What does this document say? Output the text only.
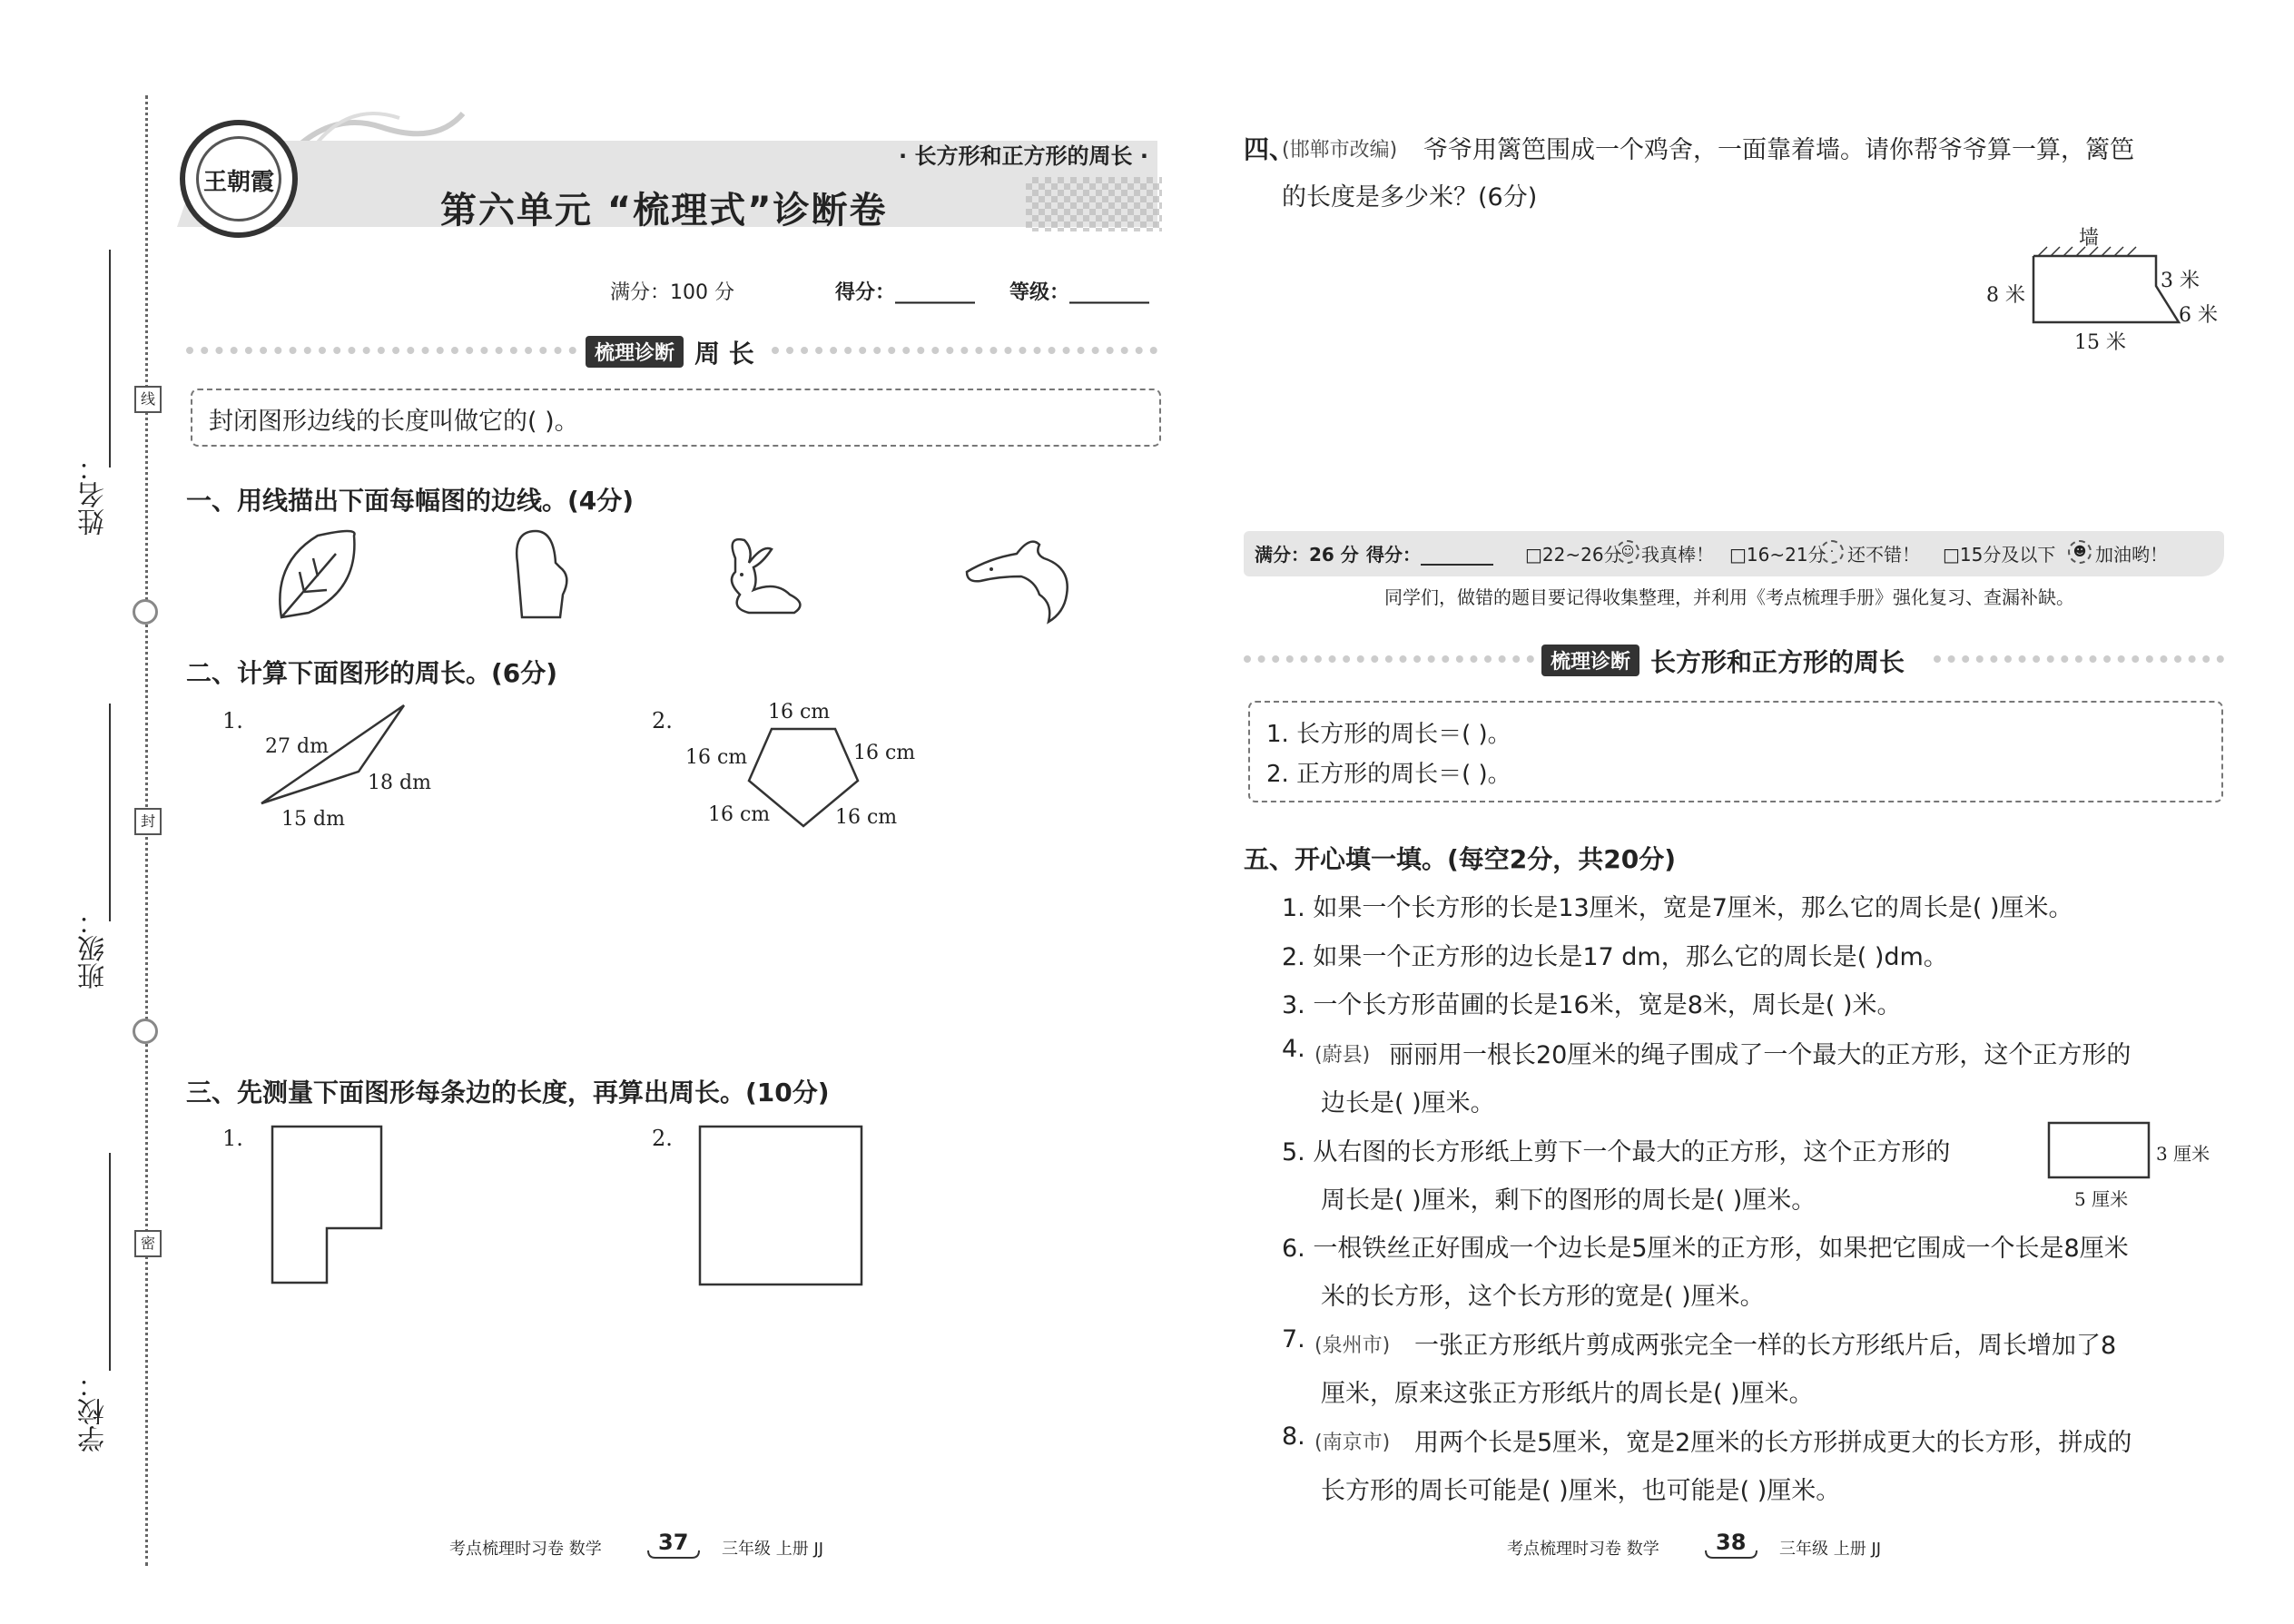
姓名：
班级：
学校：
线
封
密
王朝霞
· 长方形和正方形的周长 ·
第六单元 “梳理式”诊断卷
满分：100 分	得分：________ 等级：________
梳理诊断 周 长
封闭图形边线的长度叫做它的( )。
一、用线描出下面每幅图的边线。(4分)
二、计算下面图形的周长。(6分)
1.
27 dm
18 dm
15 dm
2.	16 cm
16 cm	16 cm
16 cm	16 cm
三、先测量下面图形每条边的长度，再算出周长。(10分)
1.	2.
考点梳理时习卷 数学	37 三年级 上册 JJ
四、
(邯郸市改编) 爷爷用篱笆围成一个鸡舍，一面靠着墙。请你帮爷爷算一算，篱笆
的长度是多少米？(6分)
墙
8 米
3 米
6 米
15 米
满分：26 分 得分：________ □22~26分 ☺ 我真棒！ □16~21分 · 还不错！ □15分及以下	☻ 加油哟！
同学们，做错的题目要记得收集整理，并利用《考点梳理手册》强化复习、查漏补缺。
梳理诊断 长方形和正方形的周长
1. 长方形的周长＝( )。
2. 正方形的周长＝( )。
五、开心填一填。(每空2分，共20分)
1. 如果一个长方形的长是13厘米，宽是7厘米，那么它的周长是( )厘米。
2. 如果一个正方形的边长是17 dm，那么它的周长是( )dm。
3. 一个长方形苗圃的长是16米，宽是8米，周长是( )米。
4. (蔚县) 丽丽用一根长20厘米的绳子围成了一个最大的正方形，这个正方形的
边长是( )厘米。
5. 从右图的长方形纸上剪下一个最大的正方形，这个正方形的
周长是( )厘米，剩下的图形的周长是( )厘米。
3 厘米
5 厘米
6. 一根铁丝正好围成一个边长是5厘米的正方形，如果把它围成一个长是8厘米
米的长方形，这个长方形的宽是( )厘米。
7. (泉州市) 一张正方形纸片剪成两张完全一样的长方形纸片后，周长增加了8
厘米，原来这张正方形纸片的周长是( )厘米。
8. (南京市) 用两个长是5厘米，宽是2厘米的长方形拼成更大的长方形，拼成的
长方形的周长可能是( )厘米，也可能是( )厘米。
考点梳理时习卷 数学	38 三年级 上册 JJ
